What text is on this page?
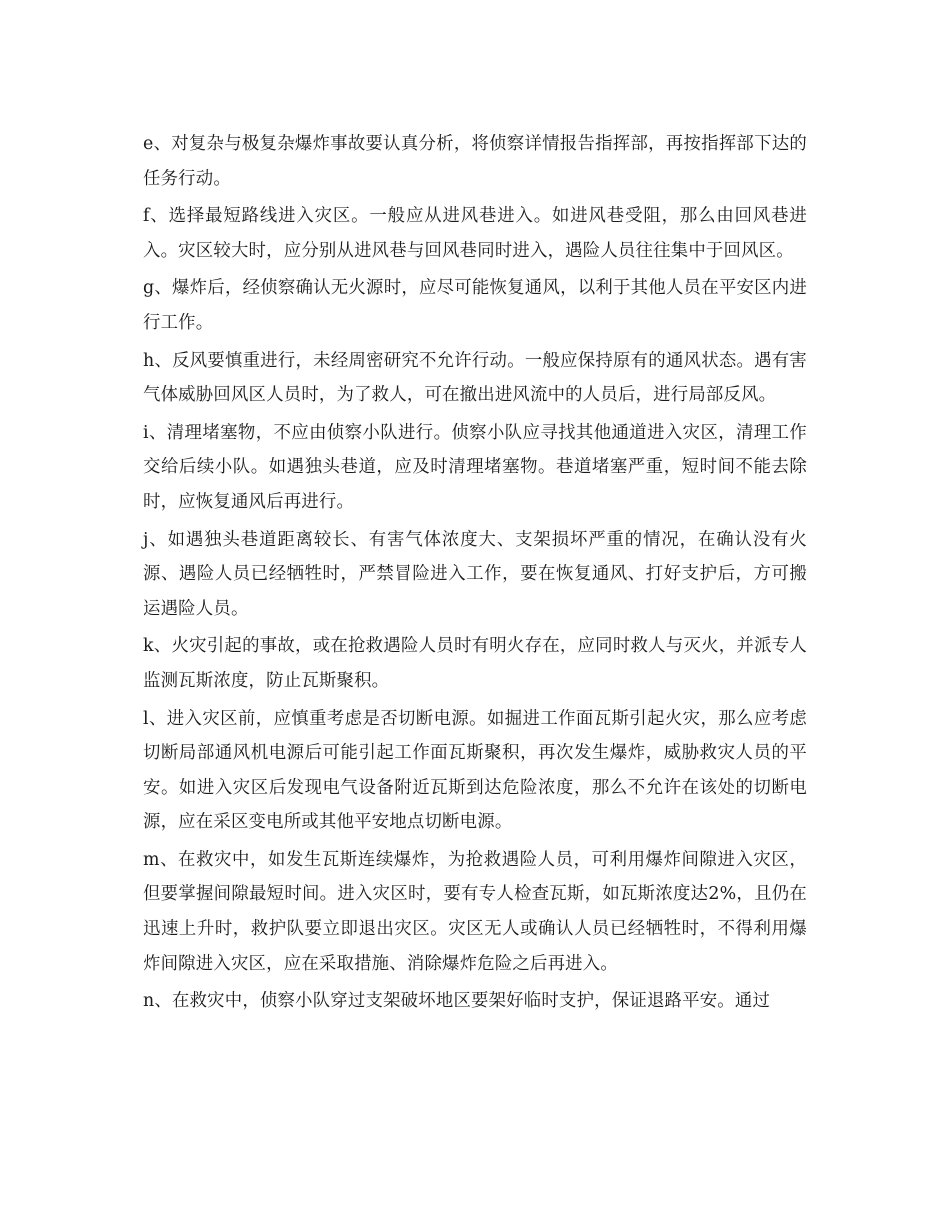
e、对复杂与极复杂爆炸事故要认真分析，将侦察详情报告指挥部，再按指挥部下达的任务行动。

f、选择最短路线进入灾区。一般应从进风巷进入。如进风巷受阻，那么由回风巷进入。灾区较大时，应分别从进风巷与回风巷同时进入，遇险人员往往集中于回风区。

g、爆炸后，经侦察确认无火源时，应尽可能恢复通风，以利于其他人员在平安区内进行工作。

h、反风要慎重进行，未经周密研究不允许行动。一般应保持原有的通风状态。遇有害气体威胁回风区人员时，为了救人，可在撤出进风流中的人员后，进行局部反风。

i、清理堵塞物，不应由侦察小队进行。侦察小队应寻找其他通道进入灾区，清理工作交给后续小队。如遇独头巷道，应及时清理堵塞物。巷道堵塞严重，短时间不能去除时，应恢复通风后再进行。

j、如遇独头巷道距离较长、有害气体浓度大、支架损坏严重的情况，在确认没有火源、遇险人员已经牺牲时，严禁冒险进入工作，要在恢复通风、打好支护后，方可搬运遇险人员。

k、火灾引起的事故，或在抢救遇险人员时有明火存在，应同时救人与灭火，并派专人监测瓦斯浓度，防止瓦斯聚积。

l、进入灾区前，应慎重考虑是否切断电源。如掘进工作面瓦斯引起火灾，那么应考虑切断局部通风机电源后可能引起工作面瓦斯聚积，再次发生爆炸，威胁救灾人员的平安。如进入灾区后发现电气设备附近瓦斯到达危险浓度，那么不允许在该处的切断电源，应在采区变电所或其他平安地点切断电源。

m、在救灾中，如发生瓦斯连续爆炸，为抢救遇险人员，可利用爆炸间隙进入灾区，但要掌握间隙最短时间。进入灾区时，要有专人检查瓦斯，如瓦斯浓度达2%，且仍在迅速上升时，救护队要立即退出灾区。灾区无人或确认人员已经牺牲时，不得利用爆炸间隙进入灾区，应在采取措施、消除爆炸危险之后再进入。

n、在救灾中，侦察小队穿过支架破坏地区要架好临时支护，保证退路平安。通过
